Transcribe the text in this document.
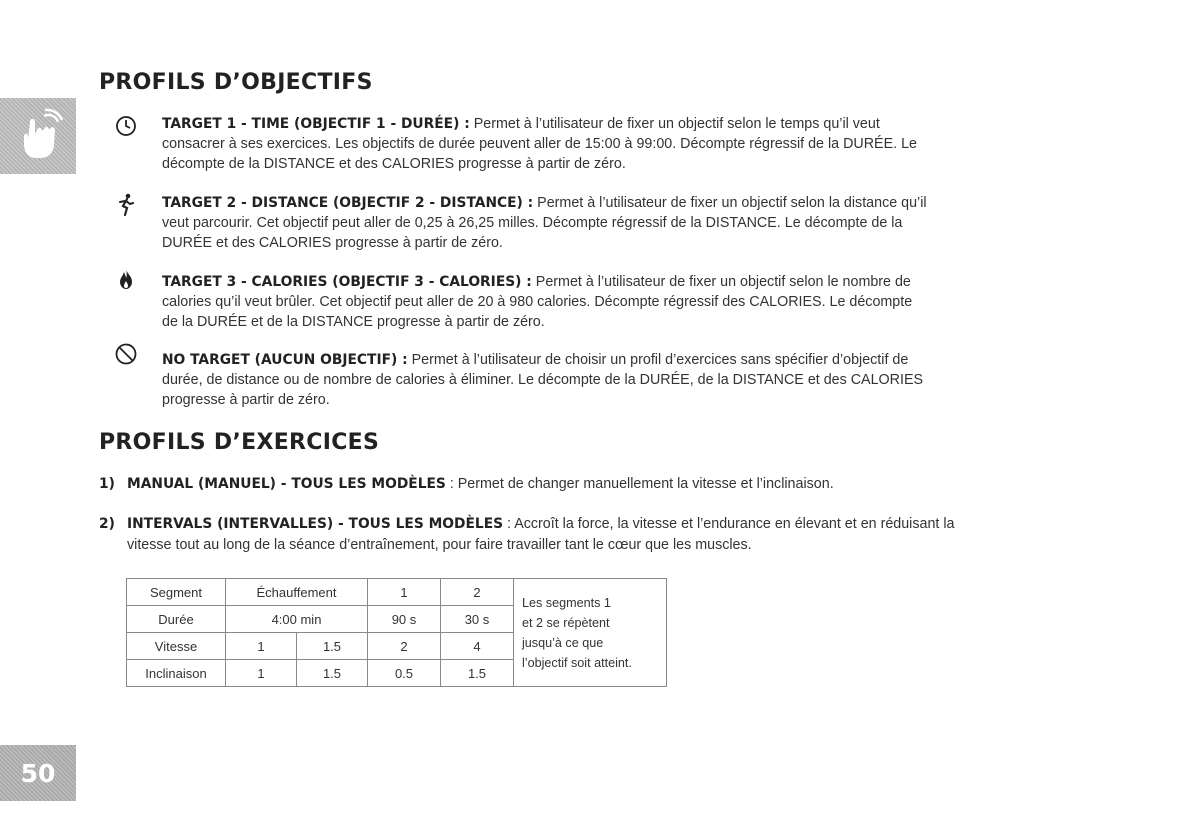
PROFILS D’OBJECTIFS
TARGET 1 - TIME (OBJECTIF 1 - DURÉE) : Permet à l’utilisateur de fixer un objectif selon le temps qu’il veut
consacrer à ses exercices. Les objectifs de durée peuvent aller de 15:00 à 99:00. Décompte régressif de la DURÉE. Le
décompte de la DISTANCE et des CALORIES progresse à partir de zéro.
TARGET 2 - DISTANCE (OBJECTIF 2 - DISTANCE) : Permet à l’utilisateur de fixer un objectif selon la distance qu’il
veut parcourir. Cet objectif peut aller de 0,25 à 26,25 milles. Décompte régressif de la DISTANCE. Le décompte de la
DURÉE et des CALORIES progresse à partir de zéro.
TARGET 3 - CALORIES (OBJECTIF 3 - CALORIES) : Permet à l’utilisateur de fixer un objectif selon le nombre de
calories qu’il veut brûler. Cet objectif peut aller de 20 à 980 calories. Décompte régressif des CALORIES. Le décompte
de la DURÉE et de la DISTANCE progresse à partir de zéro.
NO TARGET (AUCUN OBJECTIF) : Permet à l’utilisateur de choisir un profil d’exercices sans spécifier d’objectif de
durée, de distance ou de nombre de calories à éliminer. Le décompte de la DURÉE, de la DISTANCE et des CALORIES
progresse à partir de zéro.
PROFILS D’EXERCICES
1) MANUAL (MANUEL) - TOUS LES MODÈLES : Permet de changer manuellement la vitesse et l’inclinaison.
2) INTERVALS (INTERVALLES) - TOUS LES MODÈLES : Accroît la force, la vitesse et l’endurance en élevant et en réduisant la
vitesse tout au long de la séance d’entraînement, pour faire travailler tant le cœur que les muscles.
Segment	Échauffement		1	2	Les segments 1
et 2 se répètent
jusqu’à ce que
l’objectif soit atteint.
Durée	4:00 min		90 s	30 s	
Vitesse	1	1.5	2	4	
Inclinaison	1	1.5	0.5	1.5	
50
